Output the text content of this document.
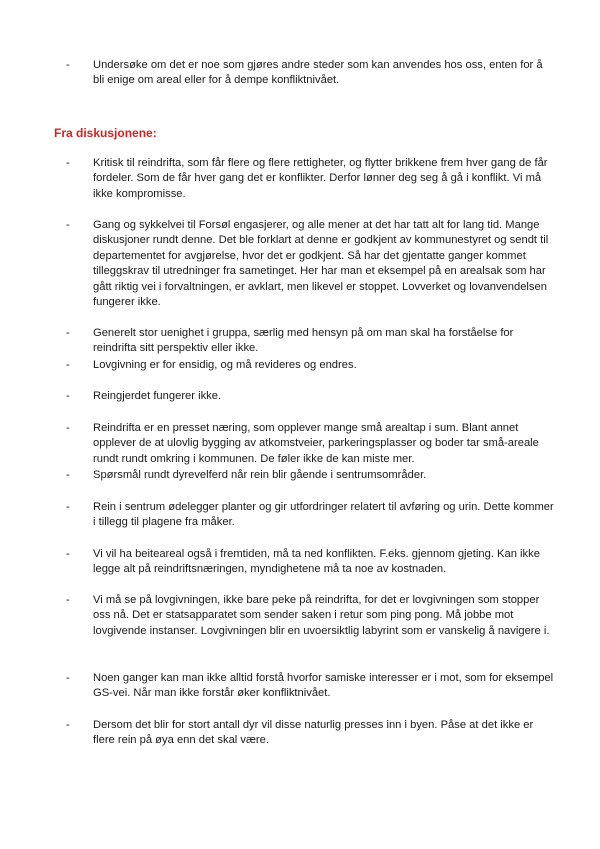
- Undersøke om det er noe som gjøres andre steder som kan anvendes hos oss, enten for å bli enige om areal eller for å dempe konfliktnivået.
Fra diskusjonene:
- Kritisk til reindrifta, som får flere og flere rettigheter, og flytter brikkene frem hver gang de får fordeler. Som de får hver gang det er konflikter. Derfor lønner deg seg å gå i konflikt. Vi må ikke kompromisse.
- Gang og sykkelvei til Forsøl engasjerer, og alle mener at det har tatt alt for lang tid. Mange diskusjoner rundt denne. Det ble forklart at denne er godkjent av kommunestyret og sendt til departementet for avgjørelse, hvor det er godkjent. Så har det gjentatte ganger kommet tilleggskrav til utredninger fra sametinget. Her har man et eksempel på en arealsak som har gått riktig vei i forvaltningen, er avklart, men likevel er stoppet. Lovverket og lovanvendelsen fungerer ikke.
- Generelt stor uenighet i gruppa, særlig med hensyn på om man skal ha forståelse for reindrifta sitt perspektiv eller ikke.
- Lovgivning er for ensidig, og må revideres og endres.
- Reingjerdet fungerer ikke.
- Reindrifta er en presset næring, som opplever mange små arealtap i sum. Blant annet opplever de at ulovlig bygging av atkomstveier, parkeringsplasser og boder tar små-areale rundt rundt omkring i kommunen. De føler ikke de kan miste mer.
- Spørsmål rundt dyrevelferd når rein blir gående i sentrumsområder.
- Rein i sentrum ødelegger planter og gir utfordringer relatert til avføring og urin. Dette kommer i tillegg til plagene fra måker.
- Vi vil ha beiteareal også i fremtiden, må ta ned konflikten. F.eks. gjennom gjeting. Kan ikke legge alt på reindriftsnæringen, myndighetene må ta noe av kostnaden.
- Vi må se på lovgivningen, ikke bare peke på reindrifta, for det er lovgivningen som stopper oss nå. Det er statsapparatet som sender saken i retur som ping pong. Må jobbe mot lovgivende instanser. Lovgivningen blir en uvoersiktlig labyrint som er vanskelig å navigere i.
- Noen ganger kan man ikke alltid forstå hvorfor samiske interesser er i mot, som for eksempel GS-vei. Når man ikke forstår øker konfliktnivået.
- Dersom det blir for stort antall dyr vil disse naturlig presses inn i byen. Påse at det ikke er flere rein på øya enn det skal være.
